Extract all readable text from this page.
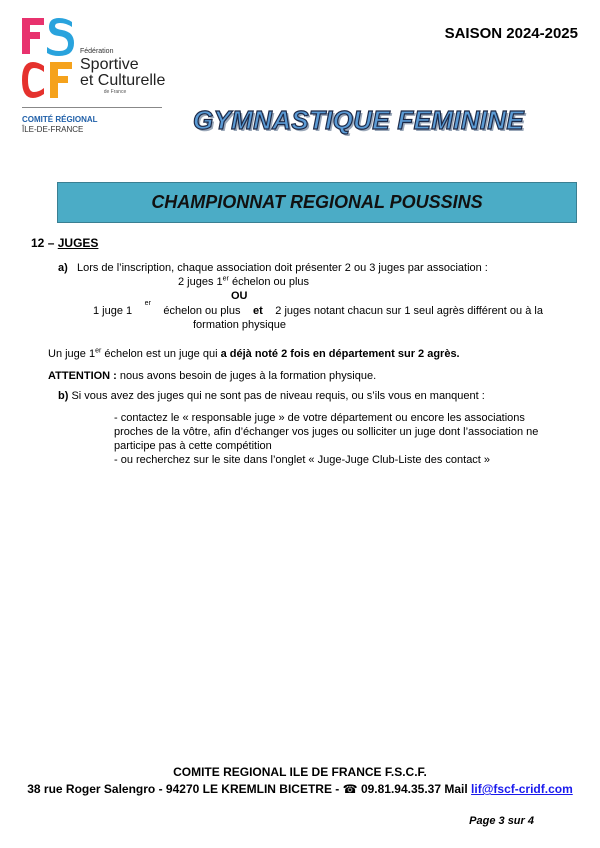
Fédération
Sportive
et Culturelle
de France
COMITÉ RÉGIONAL
ÎLE-DE-FRANCE
SAISON 2024-2025
GYMNASTIQUE FEMININE
CHAMPIONNAT REGIONAL POUSSINS
12 – JUGES
a) Lors de l’inscription, chaque association doit présenter 2 ou 3 juges par association :
2 juges 1er échelon ou plus
OU
1 juge 1
er
échelon ou plus et 2 juges notant chacun sur 1 seul agrès différent ou à la
formation physique
Un juge 1er échelon est un juge qui a déjà noté 2 fois en département sur 2 agrès.
ATTENTION : nous avons besoin de juges à la formation physique.
b) Si vous avez des juges qui ne sont pas de niveau requis, ou s’ils vous en manquent :
- contactez le « responsable juge » de votre département ou encore les associations
proches de la vôtre, afin d’échanger vos juges ou solliciter un juge dont l’association ne
participe pas à cette compétition
- ou recherchez sur le site dans l’onglet « Juge-Juge Club-Liste des contact »
COMITE REGIONAL ILE DE FRANCE F.S.C.F.
38 rue Roger Salengro - 94270 LE KREMLIN BICETRE - ☎ 09.81.94.35.37 Mail lif@fscf-cridf.com
Page 3 sur 4
